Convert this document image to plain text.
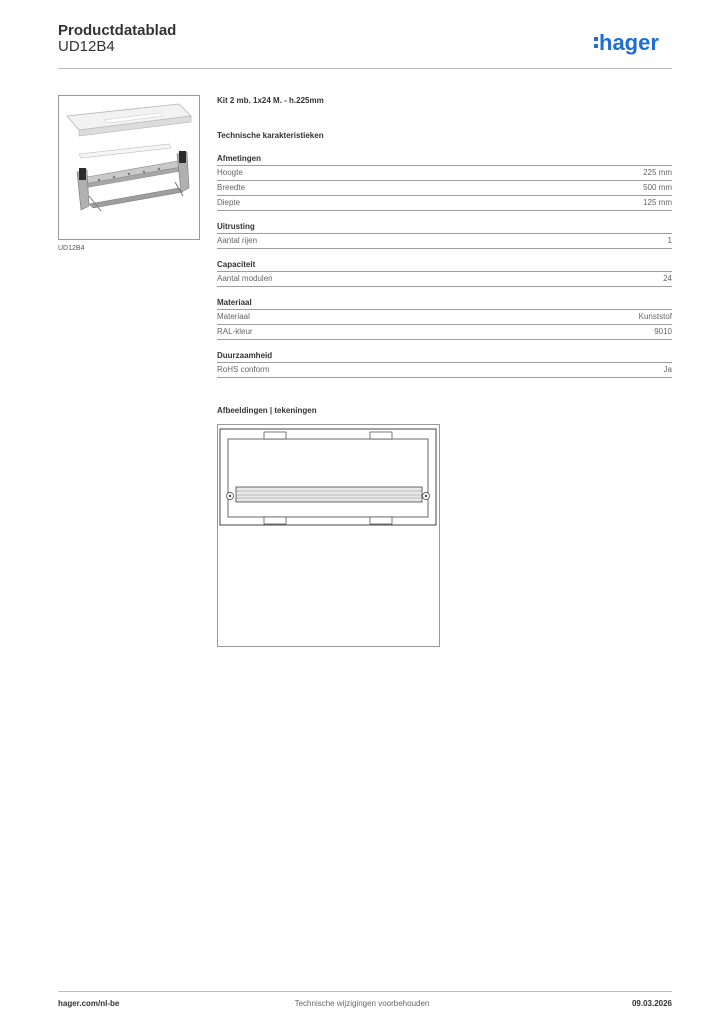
Productdatablad
UD12B4	hager
UD12B4
Kit 2 mb. 1x24 M. - h.225mm
Technische karakteristieken
Afmetingen
Hoogte	225 mm
Breedte	500 mm
Diepte	125 mm
Uitrusting
Aantal rijen	1
Capaciteit
Aantal modulen	24
Materiaal
Materiaal	Kunststof
RAL-kleur	9010
Duurzaamheid
RoHS conform	Ja
Afbeeldingen | tekeningen
hager.com/nl-be	Technische wijzigingen voorbehouden	09.03.2026
